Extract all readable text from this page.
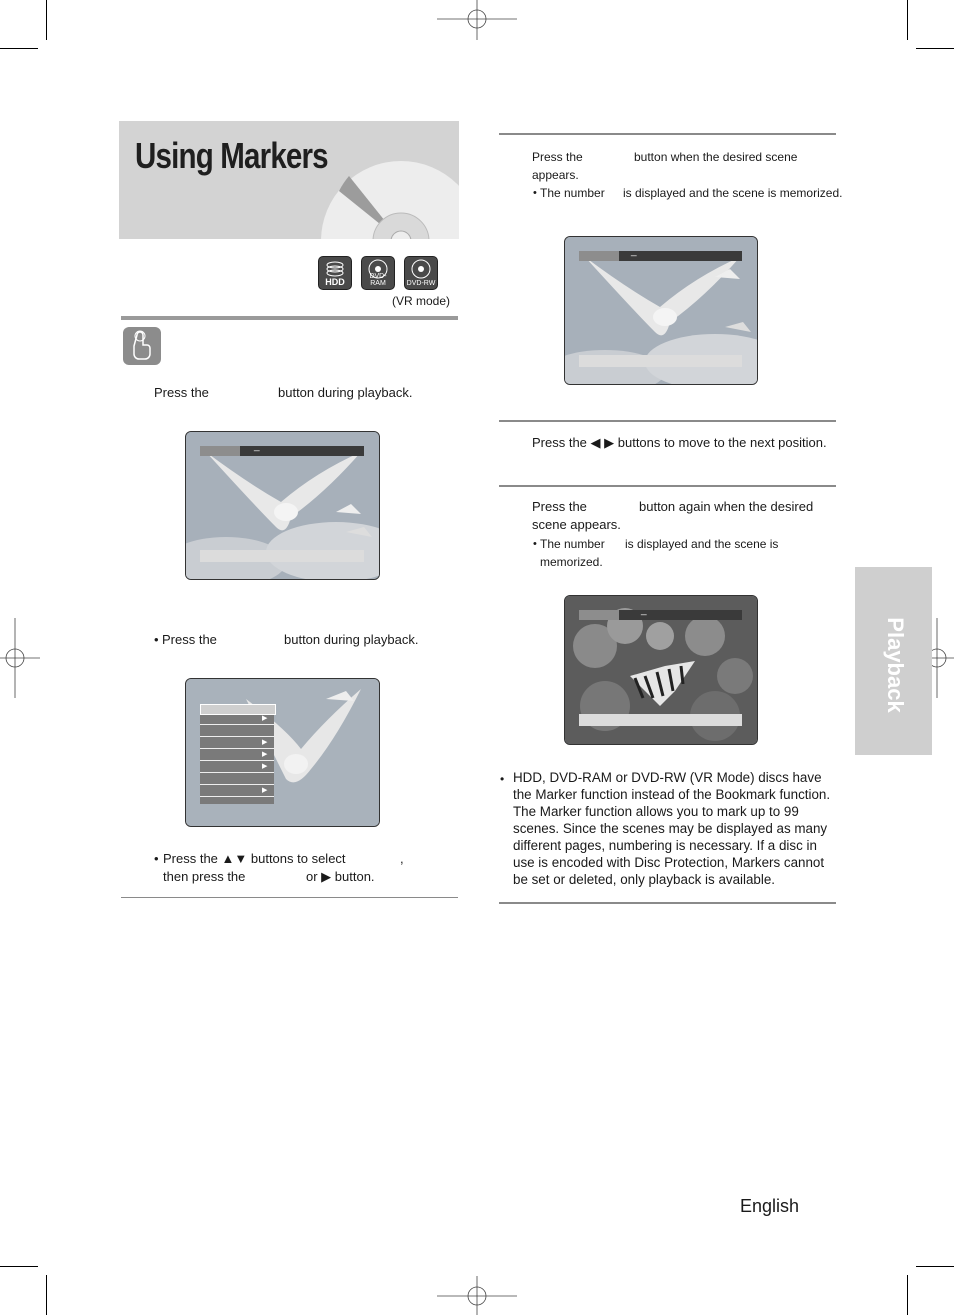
Using Markers
HDD
DVD-RAM	DVD-RW
(VR mode)
Press the	button during playback.
_
• Press the	button during playback.
▶
▶
▶
▶
▶
• Press the ▲▼ buttons to select	,
then press the	or ▶ button.
Press the	button when the desired scene
appears.
• The number is displayed and the scene is memorized.
_
Press the ◀ ▶ buttons to move to the next position.
Press the	button again when the desired
scene appears.
• The number is displayed and the scene is
memorized.
_
• HDD, DVD-RAM or DVD-RW (VR Mode) discs have the Marker function instead of the Bookmark function. The Marker function allows you to mark up to 99 scenes. Since the scenes may be displayed as many different pages, numbering is necessary. If a disc in use is encoded with Disc Protection, Markers cannot be set or deleted, only playback is available.
Playback
English
